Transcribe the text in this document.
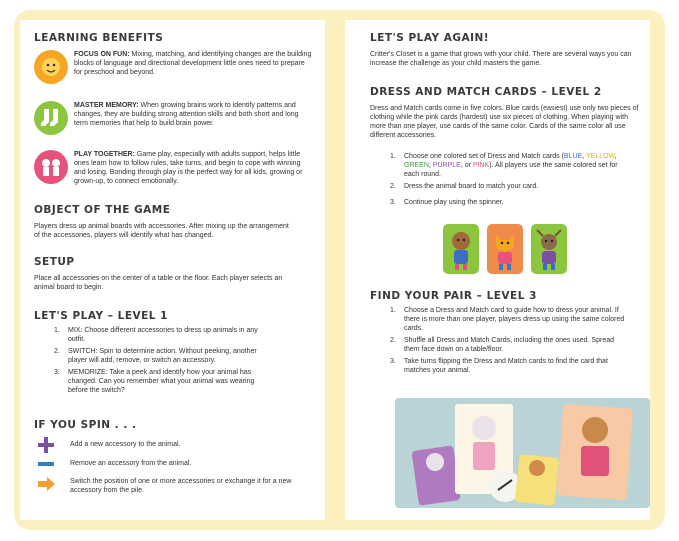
LEARNING BENEFITS

FOCUS ON FUN: Mixing, matching, and identifying changes are the building blocks of language and directional development little ones need to prepare for preschool and beyond.

MASTER MEMORY: When growing brains work to identify patterns and changes, they are building strong attention skills and both short and long term memories that help to build brain power.

PLAY TOGETHER: Game play, especially with adults support, helps little ones learn how to follow rules, take turns, and begin to cope with winning and losing. Bonding through play is the perfect way for all kids, growing or grown-up, to connect emotionally.

OBJECT OF THE GAME

Players dress up animal boards with accessories. After mixing up the arrangement of the accessories, players will identify what has changed.

SETUP

Place all accessories on the center of a table or the floor. Each player selects an animal board to begin.

LET'S PLAY – LEVEL 1
1. MIX: Choose different accessories to dress up animals in any outfit.
2. SWITCH: Spin to determine action. Without peeking, another player will add, remove, or switch an accessory.
3. MEMORIZE: Take a peek and identify how your animal has changed. Can you remember what your animal was wearing before the switch?
IF YOU SPIN . . .

Add a new accessory to the animal.

Remove an accessory from the animal.

Switch the position of one or more accessories or exchange it for a new accessory from the pile.

LET'S PLAY AGAIN!

Critter's Closet is a game that grows with your child. There are several ways you can increase the challenge as your child masters the game.

DRESS AND MATCH CARDS – LEVEL 2

Dress and Match cards come in five colors. Blue cards (easiest) use only two pieces of clothing while the pink cards (hardest) use six pieces of clothing. When playing with more than one player, use cards of the same color. Cards of the same color all use different accessories.

1. Choose one colored set of Dress and Match cards (BLUE, YELLOW, GREEN, PURPLE, or PINK). All players use the same colored set for each round.
2. Dress the animal board to match your card.
3. Continue play using the spinner.
FIND YOUR PAIR – LEVEL 3
1. Choose a Dress and Match card to guide how to dress your animal. If there is more than one player, players dress up using the same colored cards.
2. Shuffle all Dress and Match Cards, including the ones used. Spread them face down on a table/floor.
3. Take turns flipping the Dress and Match cards to find the card that matches your animal.
